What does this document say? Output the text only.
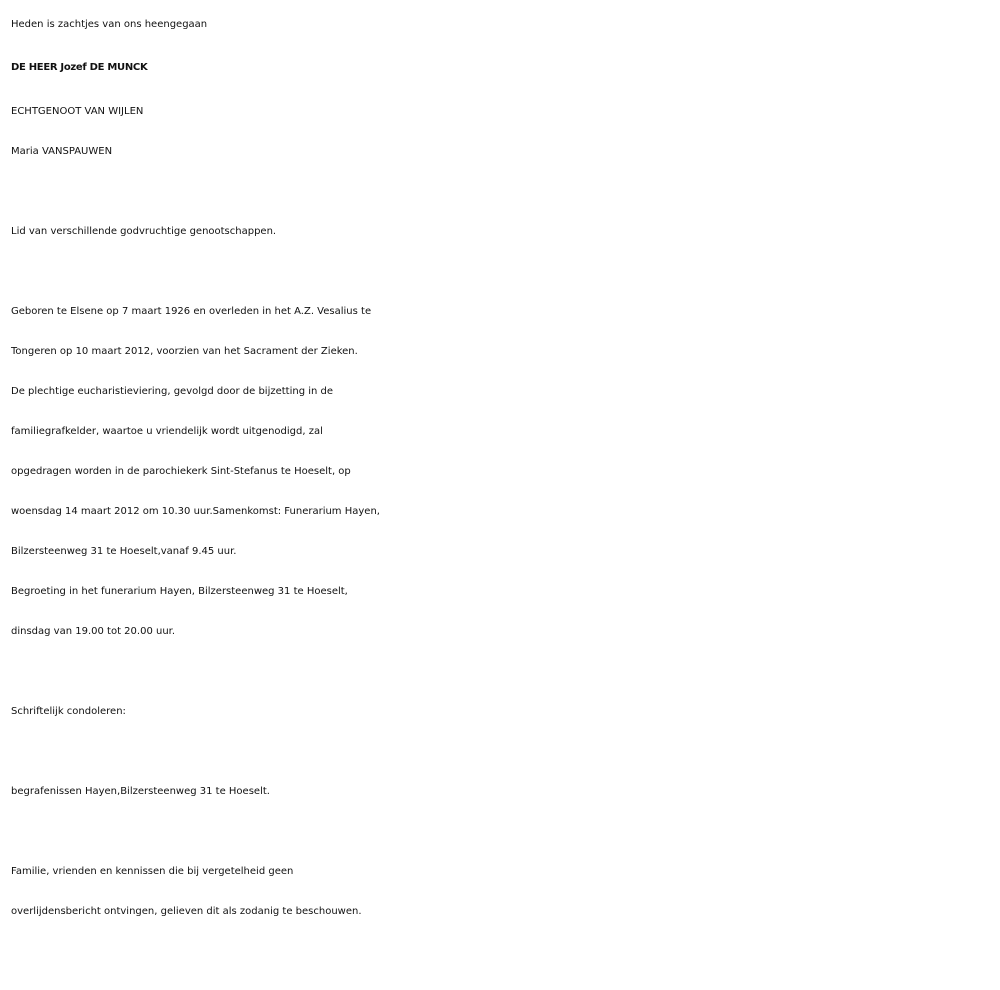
Heden is zachtjes van ons heengegaan

DE HEER Jozef DE MUNCK

ECHTGENOOT VAN WIJLEN

Maria VANSPAUWEN

Lid van verschillende godvruchtige genootschappen.

Geboren te Elsene op 7 maart 1926 en overleden in het A.Z. Vesalius te

Tongeren op 10 maart 2012, voorzien van het Sacrament der Zieken.

De plechtige eucharistieviering, gevolgd door de bijzetting in de

familiegrafkelder, waartoe u vriendelijk wordt uitgenodigd, zal

opgedragen worden in de parochiekerk Sint-Stefanus te Hoeselt, op

woensdag 14 maart 2012 om 10.30 uur.Samenkomst: Funerarium Hayen,

Bilzersteenweg 31 te Hoeselt,vanaf 9.45 uur.

Begroeting in het funerarium Hayen, Bilzersteenweg 31 te Hoeselt,

dinsdag van 19.00 tot 20.00 uur.

Schriftelijk condoleren:

begrafenissen Hayen,Bilzersteenweg 31 te Hoeselt.

Familie, vrienden en kennissen die bij vergetelheid geen

overlijdensbericht ontvingen, gelieven dit als zodanig te beschouwen.
